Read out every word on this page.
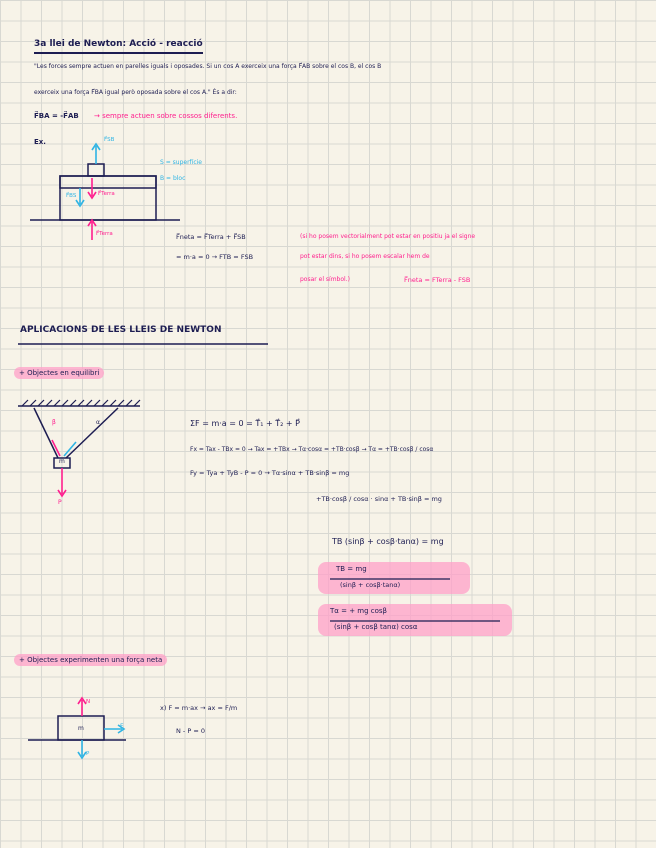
3a llei de Newton: Acció - reacció
"Les forces sempre actuen en parelles iguals i oposades. Si un cos A exerceix una força F⃗AB sobre el cos B, el cos B
exerceix una força F⃗BA igual però oposada sobre el cos A." És a dir:
F⃗BA = -F⃗AB → sempre actuen sobre cossos diferents.
Ex.
S = superfície
B = bloc
F⃗SB
F⃗BS	F⃗Terra
F⃗Terra	F⃗neta = F⃗Terra + F⃗SB
= m·a = 0 → FTB = FSB
(si ho posem vectorialment pot estar en positiu ja el signe
pot estar dins, si ho posem escalar hem de
posar el símbol.)	F⃗neta = FTerra - FSB
APLICACIONS DE LES LLEIS DE NEWTON
+ Objectes en equilibri
β	α
m
P
ΣF = m·a = 0 = T⃗₁ + T⃗₂ + P⃗
Fx = Tax - TBx = 0 → Tax = +TBx → Tα·cosα = +TB·cosβ → Tα = +TB·cosβ / cosα
Fy = Tya + TyB - P = 0 → Tα·sinα + TB·sinβ = mg
+TB·cosβ / cosα · sinα + TB·sinβ = mg
TB (sinβ + cosβ·tanα) = mg
TB = mg
(sinβ + cosβ·tanα)
Tα = + mg cosβ
(sinβ + cosβ tanα) cosα
+ Objectes experimenten una força neta
N
m	F
P
x) F = m·ax → ax = F/m
N - P = 0
